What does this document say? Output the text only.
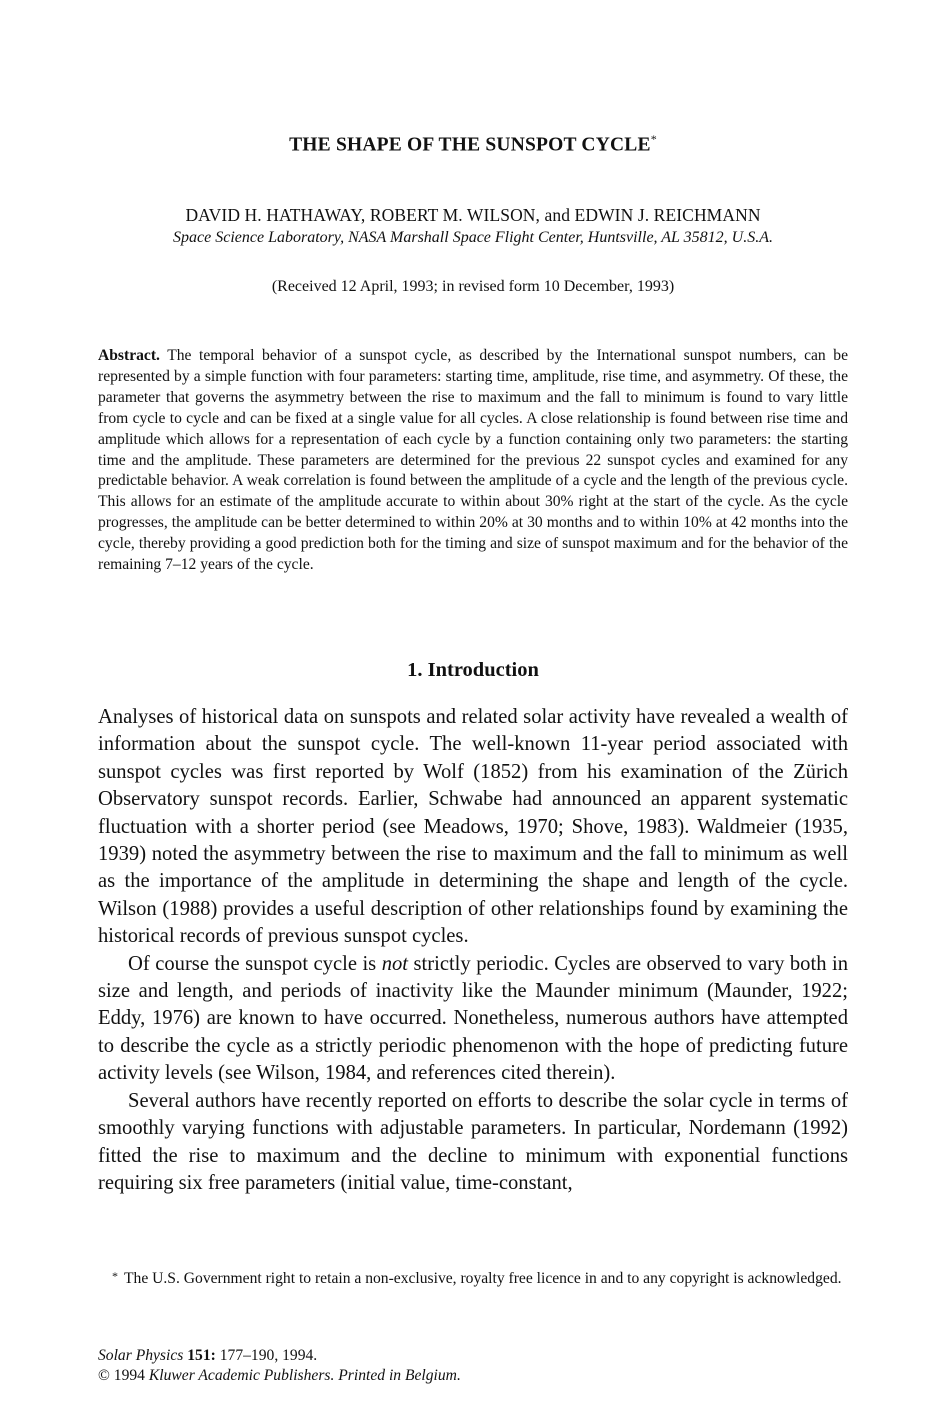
THE SHAPE OF THE SUNSPOT CYCLE*
DAVID H. HATHAWAY, ROBERT M. WILSON, and EDWIN J. REICHMANN
Space Science Laboratory, NASA Marshall Space Flight Center, Huntsville, AL 35812, U.S.A.
(Received 12 April, 1993; in revised form 10 December, 1993)
Abstract. The temporal behavior of a sunspot cycle, as described by the International sunspot numbers, can be represented by a simple function with four parameters: starting time, amplitude, rise time, and asymmetry. Of these, the parameter that governs the asymmetry between the rise to maximum and the fall to minimum is found to vary little from cycle to cycle and can be fixed at a single value for all cycles. A close relationship is found between rise time and amplitude which allows for a representation of each cycle by a function containing only two parameters: the starting time and the amplitude. These parameters are determined for the previous 22 sunspot cycles and examined for any predictable behavior. A weak correlation is found between the amplitude of a cycle and the length of the previous cycle. This allows for an estimate of the amplitude accurate to within about 30% right at the start of the cycle. As the cycle progresses, the amplitude can be better determined to within 20% at 30 months and to within 10% at 42 months into the cycle, thereby providing a good prediction both for the timing and size of sunspot maximum and for the behavior of the remaining 7–12 years of the cycle.
1. Introduction

Analyses of historical data on sunspots and related solar activity have revealed a wealth of information about the sunspot cycle. The well-known 11-year period associated with sunspot cycles was first reported by Wolf (1852) from his examination of the Zürich Observatory sunspot records. Earlier, Schwabe had announced an apparent systematic fluctuation with a shorter period (see Meadows, 1970; Shove, 1983). Waldmeier (1935, 1939) noted the asymmetry between the rise to maximum and the fall to minimum as well as the importance of the amplitude in determining the shape and length of the cycle. Wilson (1988) provides a useful description of other relationships found by examining the historical records of previous sunspot cycles.

Of course the sunspot cycle is not strictly periodic. Cycles are observed to vary both in size and length, and periods of inactivity like the Maunder minimum (Maunder, 1922; Eddy, 1976) are known to have occurred. Nonetheless, numerous authors have attempted to describe the cycle as a strictly periodic phenomenon with the hope of predicting future activity levels (see Wilson, 1984, and references cited therein).

Several authors have recently reported on efforts to describe the solar cycle in terms of smoothly varying functions with adjustable parameters. In particular, Nordemann (1992) fitted the rise to maximum and the decline to minimum with exponential functions requiring six free parameters (initial value, time-constant,

* The U.S. Government right to retain a non-exclusive, royalty free licence in and to any copyright is acknowledged.
Solar Physics 151: 177–190, 1994.
© 1994 Kluwer Academic Publishers. Printed in Belgium.
